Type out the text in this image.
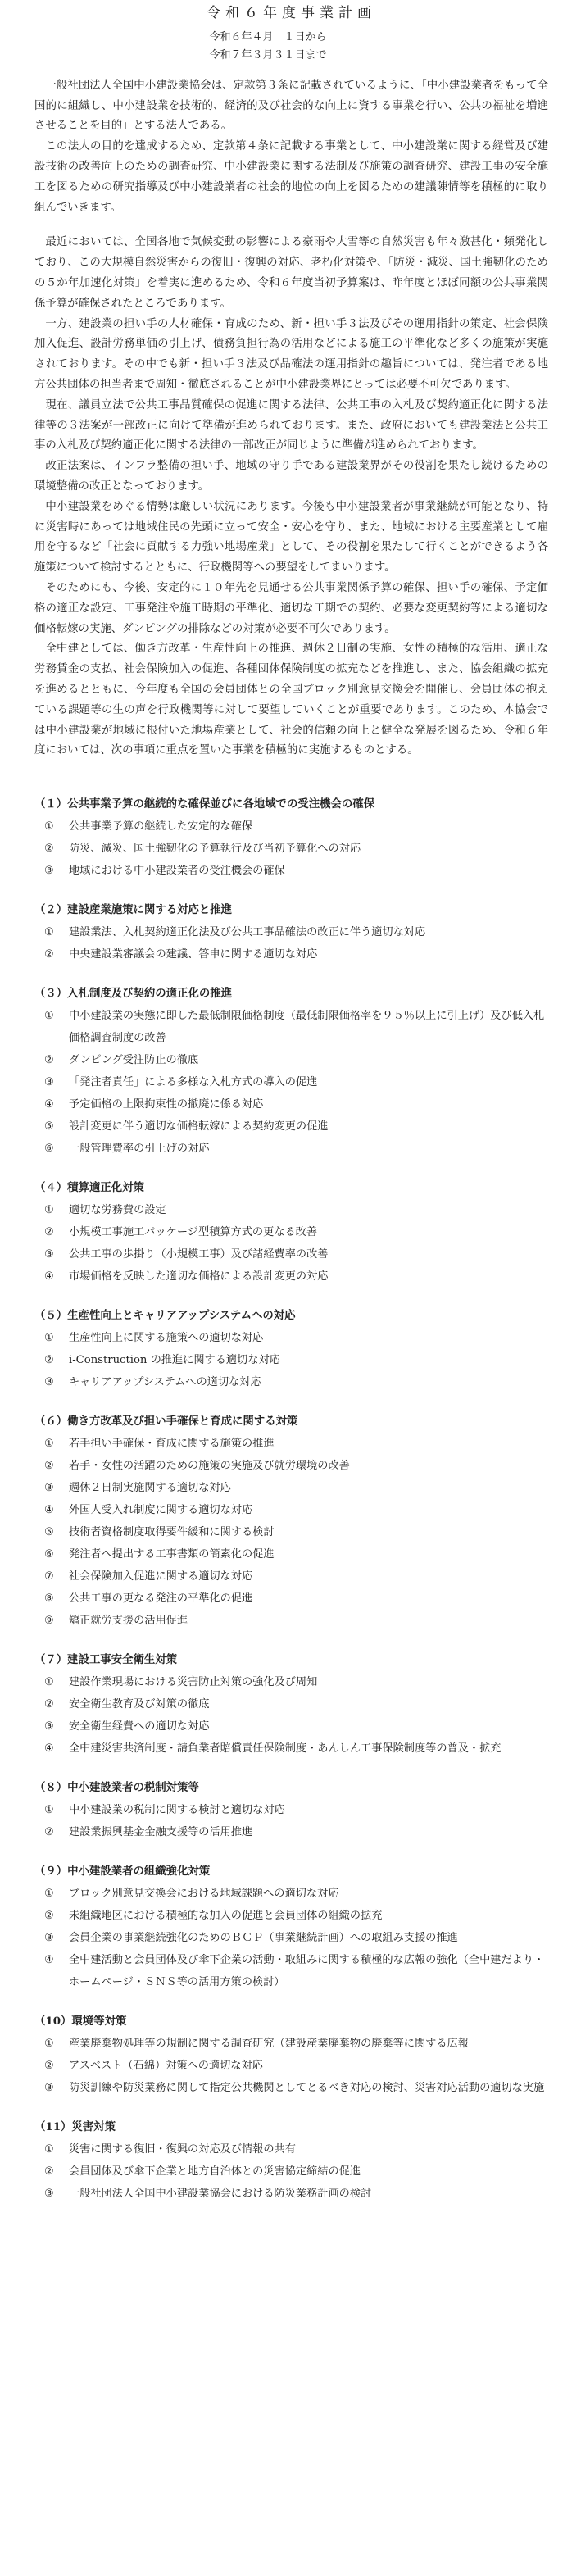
令和６年度事業計画
令和６年４月　１日から
令和７年３月３１日まで

一般社団法人全国中小建設業協会は、定款第３条に記載されているように、「中小建設業者をもって全国的に組織し、中小建設業を技術的、経済的及び社会的な向上に資する事業を行い、公共の福祉を増進させることを目的」とする法人である。

この法人の目的を達成するため、定款第４条に記載する事業として、中小建設業に関する経営及び建設技術の改善向上のための調査研究、中小建設業に関する法制及び施策の調査研究、建設工事の安全施工を図るための研究指導及び中小建設業者の社会的地位の向上を図るための建議陳情等を積極的に取り組んでいきます。

最近においては、全国各地で気候変動の影響による豪雨や大雪等の自然災害も年々激甚化・頻発化しており、この大規模自然災害からの復旧・復興の対応、老朽化対策や、「防災・減災、国土強靭化のための５か年加速化対策」を着実に進めるため、令和６年度当初予算案は、昨年度とほぼ同額の公共事業関係予算が確保されたところであります。

一方、建設業の担い手の人材確保・育成のため、新・担い手３法及びその運用指針の策定、社会保険加入促進、設計労務単価の引上げ、債務負担行為の活用などによる施工の平準化など多くの施策が実施されております。その中でも新・担い手３法及び品確法の運用指針の趣旨については、発注者である地方公共団体の担当者まで周知・徹底されることが中小建設業界にとっては必要不可欠であります。

現在、議員立法で公共工事品質確保の促進に関する法律、公共工事の入札及び契約適正化に関する法律等の３法案が一部改正に向けて準備が進められております。また、政府においても建設業法と公共工事の入札及び契約適正化に関する法律の一部改正が同じように準備が進められております。

改正法案は、インフラ整備の担い手、地域の守り手である建設業界がその役割を果たし続けるための環境整備の改正となっております。

中小建設業をめぐる情勢は厳しい状況にあります。今後も中小建設業者が事業継続が可能となり、特に災害時にあっては地域住民の先頭に立って安全・安心を守り、また、地域における主要産業として雇用を守るなど「社会に貢献する力強い地場産業」として、その役割を果たして行くことができるよう各施策について検討するとともに、行政機関等への要望をしてまいります。

そのためにも、今後、安定的に１０年先を見通せる公共事業関係予算の確保、担い手の確保、予定価格の適正な設定、工事発注や施工時期の平準化、適切な工期での契約、必要な変更契約等による適切な価格転嫁の実施、ダンピングの排除などの対策が必要不可欠であります。

全中建としては、働き方改革・生産性向上の推進、週休２日制の実施、女性の積極的な活用、適正な労務賃金の支払、社会保険加入の促進、各種団体保険制度の拡充などを推進し、また、協会組織の拡充を進めるとともに、今年度も全国の会員団体との全国ブロック別意見交換会を開催し、会員団体の抱えている課題等の生の声を行政機関等に対して要望していくことが重要であります。このため、本協会では中小建設業が地域に根付いた地場産業として、社会的信頼の向上と健全な発展を図るため、令和６年度においては、次の事項に重点を置いた事業を積極的に実施するものとする。

（１）公共事業予算の継続的な確保並びに各地域での受注機会の確保
①	公共事業予算の継続した安定的な確保
②	防災、減災、国土強靭化の予算執行及び当初予算化への対応
③	地域における中小建設業者の受注機会の確保
（２）建設産業施策に関する対応と推進
①	建設業法、入札契約適正化法及び公共工事品確法の改正に伴う適切な対応
②	中央建設業審議会の建議、答申に関する適切な対応
（３）入札制度及び契約の適正化の推進
①	中小建設業の実態に即した最低制限価格制度（最低制限価格率を９５％以上に引上げ）及び低入札価格調査制度の改善
②	ダンピング受注防止の徹底
③	「発注者責任」による多様な入札方式の導入の促進
④	予定価格の上限拘束性の撤廃に係る対応
⑤	設計変更に伴う適切な価格転嫁による契約変更の促進
⑥	一般管理費率の引上げの対応
（４）積算適正化対策
①	適切な労務費の設定
②	小規模工事施工パッケージ型積算方式の更なる改善
③	公共工事の歩掛り（小規模工事）及び諸経費率の改善
④	市場価格を反映した適切な価格による設計変更の対応
（５）生産性向上とキャリアアップシステムへの対応
①	生産性向上に関する施策への適切な対応
②	i-Construction の推進に関する適切な対応
③	キャリアアップシステムへの適切な対応
（６）働き方改革及び担い手確保と育成に関する対策
①	若手担い手確保・育成に関する施策の推進
②	若手・女性の活躍のための施策の実施及び就労環境の改善
③	週休２日制実施関する適切な対応
④	外国人受入れ制度に関する適切な対応
⑤	技術者資格制度取得要件緩和に関する検討
⑥	発注者へ提出する工事書類の簡素化の促進
⑦	社会保険加入促進に関する適切な対応
⑧	公共工事の更なる発注の平準化の促進
⑨	矯正就労支援の活用促進
（７）建設工事安全衛生対策
①	建設作業現場における災害防止対策の強化及び周知
②	安全衛生教育及び対策の徹底
③	安全衛生経費への適切な対応
④	全中建災害共済制度・請負業者賠償責任保険制度・あんしん工事保険制度等の普及・拡充
（８）中小建設業者の税制対策等
①	中小建設業の税制に関する検討と適切な対応
②	建設業振興基金金融支援等の活用推進
（９）中小建設業者の組織強化対策
①	ブロック別意見交換会における地域課題への適切な対応
②	未組織地区における積極的な加入の促進と会員団体の組織の拡充
③	会員企業の事業継続強化のためのＢＣＰ（事業継続計画）への取組み支援の推進
④	全中建活動と会員団体及び傘下企業の活動・取組みに関する積極的な広報の強化（全中建だより・ホームページ・ＳＮＳ等の活用方策の検討）
（10）環境等対策
①	産業廃棄物処理等の規制に関する調査研究（建設産業廃棄物の廃棄等に関する広報
②	アスベスト（石綿）対策への適切な対応
③	防災訓練や防災業務に関して指定公共機関としてとるべき対応の検討、災害対応活動の適切な実施
（11）災害対策
①	災害に関する復旧・復興の対応及び情報の共有
②	会員団体及び傘下企業と地方自治体との災害協定締結の促進
③	一般社団法人全国中小建設業協会における防災業務計画の検討
